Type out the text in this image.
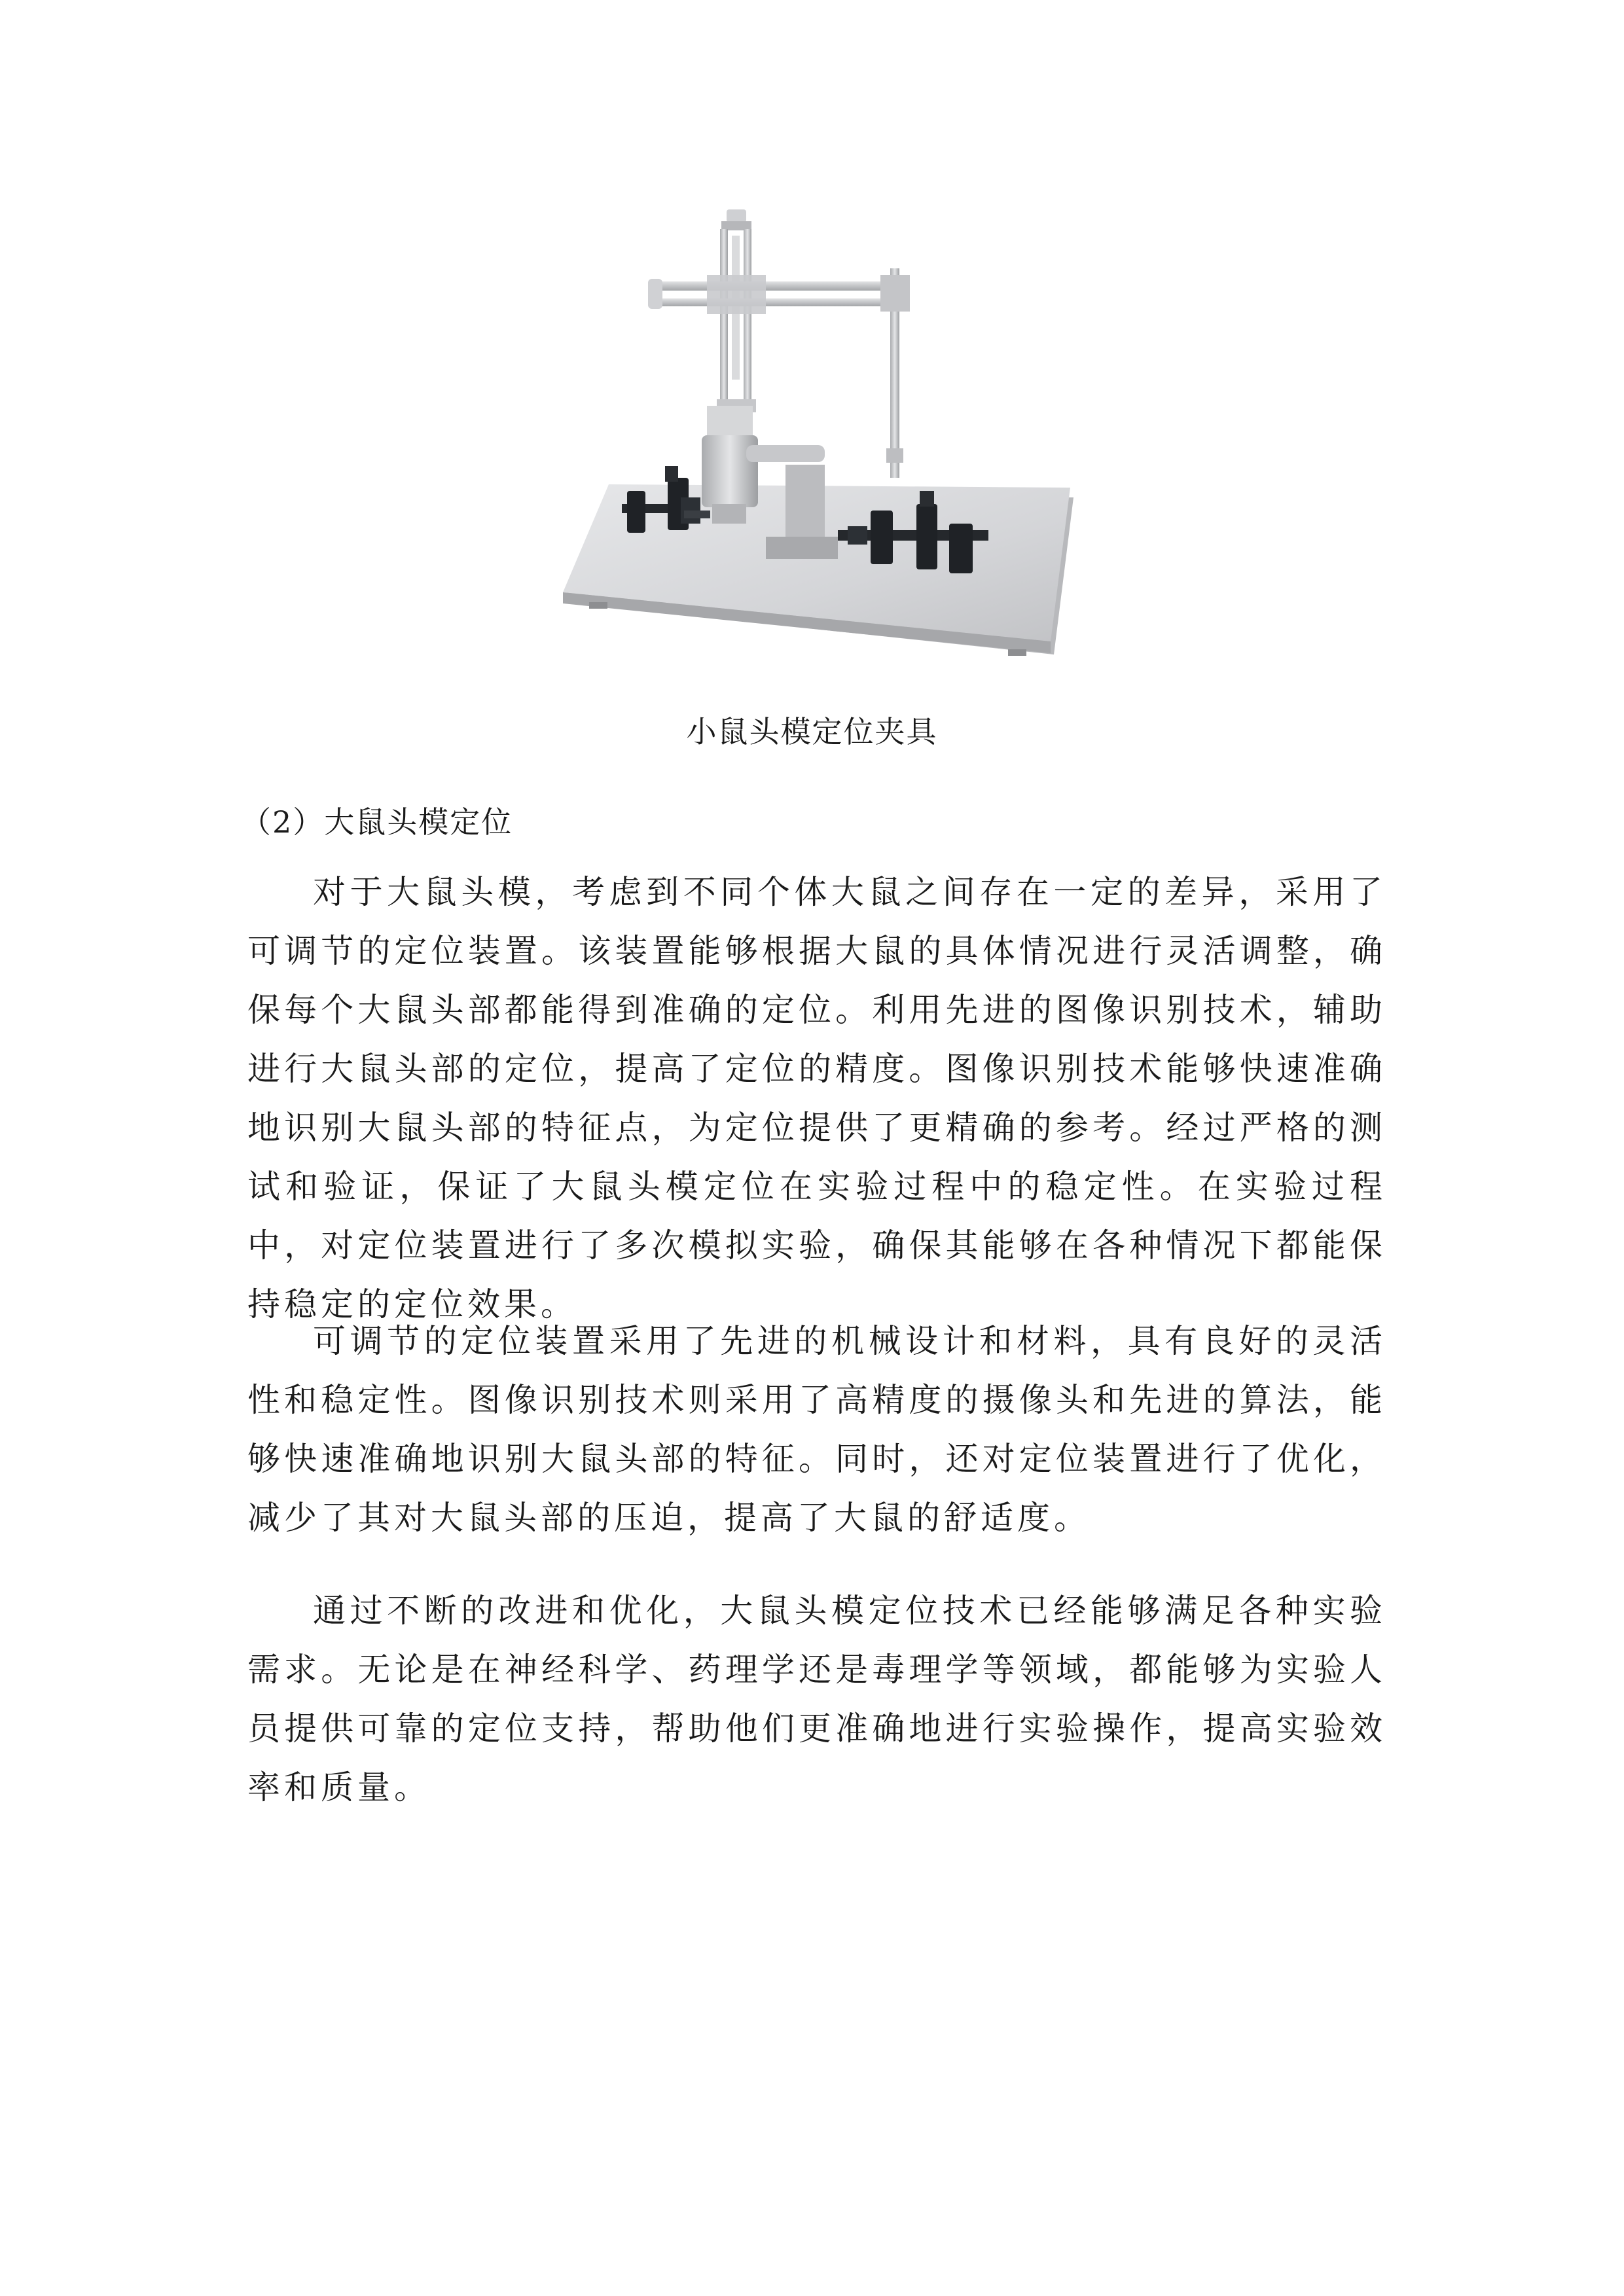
小鼠头模定位夹具
（2）大鼠头模定位

对于大鼠头模，考虑到不同个体大鼠之间存在一定的差异，采用了可调节的定位装置。该装置能够根据大鼠的具体情况进行灵活调整，确保每个大鼠头部都能得到准确的定位。利用先进的图像识别技术，辅助进行大鼠头部的定位，提高了定位的精度。图像识别技术能够快速准确地识别大鼠头部的特征点，为定位提供了更精确的参考。经过严格的测试和验证，保证了大鼠头模定位在实验过程中的稳定性。在实验过程中，对定位装置进行了多次模拟实验，确保其能够在各种情况下都能保持稳定的定位效果。

可调节的定位装置采用了先进的机械设计和材料，具有良好的灵活性和稳定性。图像识别技术则采用了高精度的摄像头和先进的算法，能够快速准确地识别大鼠头部的特征。同时，还对定位装置进行了优化，减少了其对大鼠头部的压迫，提高了大鼠的舒适度。

通过不断的改进和优化，大鼠头模定位技术已经能够满足各种实验需求。无论是在神经科学、药理学还是毒理学等领域，都能够为实验人员提供可靠的定位支持，帮助他们更准确地进行实验操作，提高实验效率和质量。
